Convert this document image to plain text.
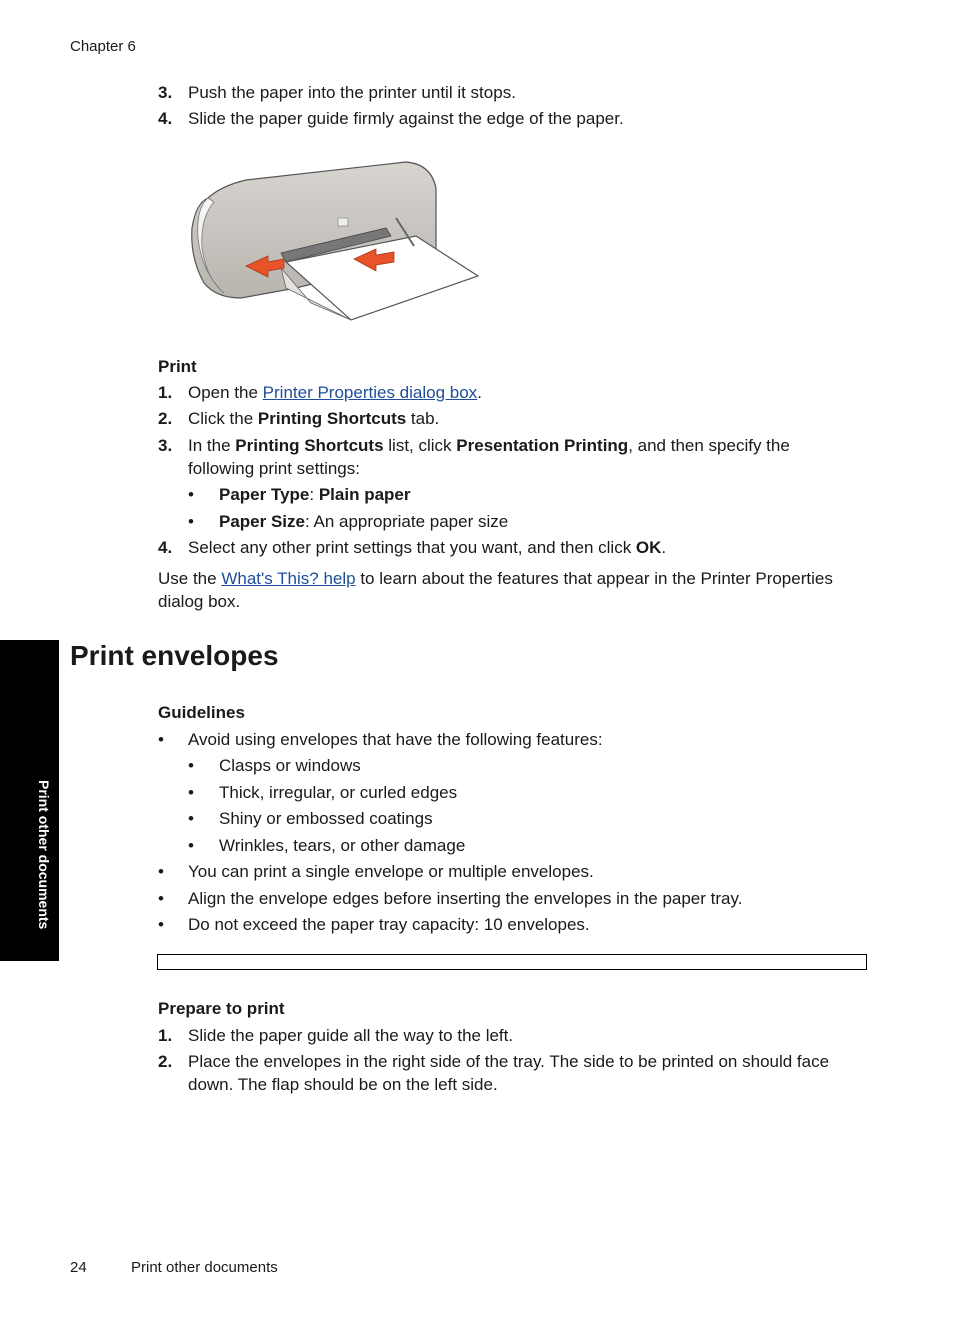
Chapter 6
3. Push the paper into the printer until it stops.
4. Slide the paper guide firmly against the edge of the paper.
Print
1. Open the Printer Properties dialog box.
2. Click the Printing Shortcuts tab.
3. In the Printing Shortcuts list, click Presentation Printing, and then specify the
following print settings:
• Paper Type: Plain paper
• Paper Size: An appropriate paper size
4. Select any other print settings that you want, and then click OK.
Use the What's This? help to learn about the features that appear in the Printer Properties
dialog box.
Print envelopes
Guidelines
• Avoid using envelopes that have the following features:
• Clasps or windows
• Thick, irregular, or curled edges
• Shiny or embossed coatings
• Wrinkles, tears, or other damage
• You can print a single envelope or multiple envelopes.
• Align the envelope edges before inserting the envelopes in the paper tray.
• Do not exceed the paper tray capacity: 10 envelopes.
Prepare to print
1. Slide the paper guide all the way to the left.
2. Place the envelopes in the right side of the tray. The side to be printed on should face
down. The flap should be on the left side.
Print other documents
24	Print other documents
